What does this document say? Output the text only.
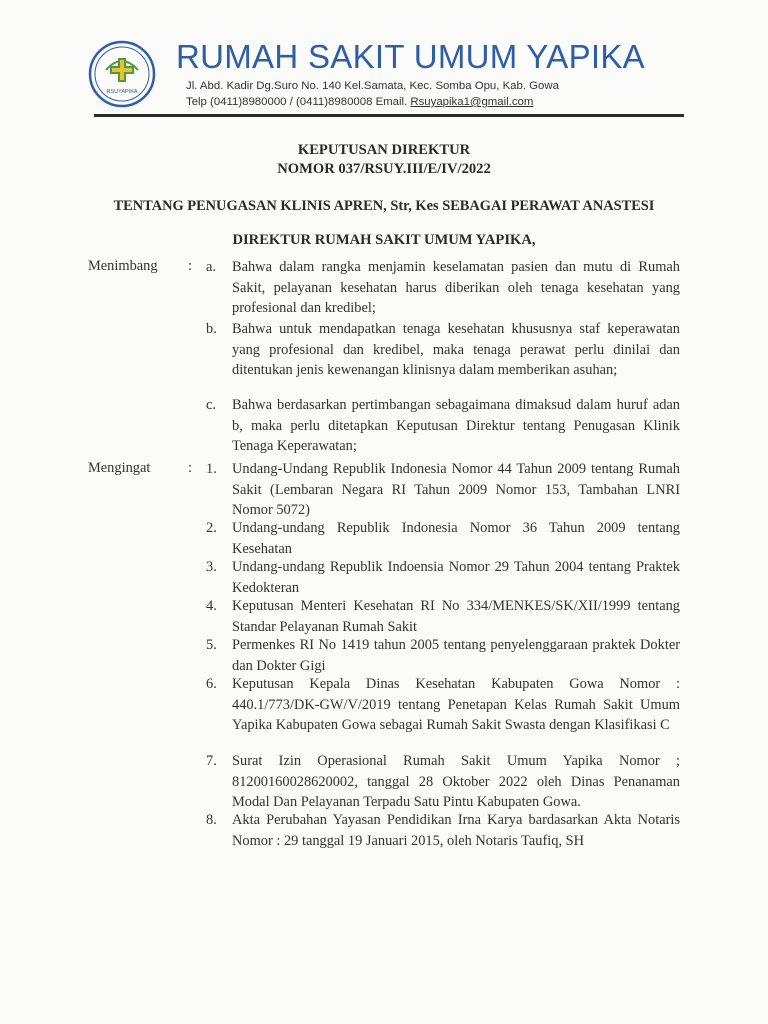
RSUYAPIKA
RUMAH SAKIT UMUM YAPIKA
Jl. Abd. Kadir Dg.Suro No. 140 Kel.Samata, Kec. Somba Opu, Kab. Gowa
Telp (0411)8980000 / (0411)8980008 Email. Rsuyapika1@gmail.com
KEPUTUSAN DIREKTUR
NOMOR 037/RSUY.III/E/IV/2022
TENTANG PENUGASAN KLINIS APREN, Str, Kes SEBAGAI PERAWAT ANASTESI
DIREKTUR RUMAH SAKIT UMUM YAPIKA,
Menimbang : a. Bahwa dalam rangka menjamin keselamatan pasien dan mutu di Rumah Sakit, pelayanan kesehatan harus diberikan oleh tenaga kesehatan yang profesional dan kredibel;
b. Bahwa untuk mendapatkan tenaga kesehatan khususnya staf keperawatan yang profesional dan kredibel, maka tenaga perawat perlu dinilai dan ditentukan jenis kewenangan klinisnya dalam memberikan asuhan;
c. Bahwa berdasarkan pertimbangan sebagaimana dimaksud dalam huruf adan b, maka perlu ditetapkan Keputusan Direktur tentang Penugasan Klinik Tenaga Keperawatan;
Mengingat	: 1. Undang-Undang Republik Indonesia Nomor 44 Tahun 2009 tentang Rumah Sakit (Lembaran Negara RI Tahun 2009 Nomor 153, Tambahan LNRI Nomor 5072)
2. Undang-undang Republik Indonesia Nomor 36 Tahun 2009 tentang Kesehatan
3. Undang-undang Republik Indoensia Nomor 29 Tahun 2004 tentang Praktek Kedokteran
4. Keputusan Menteri Kesehatan RI No 334/MENKES/SK/XII/1999 tentang Standar Pelayanan Rumah Sakit
5. Permenkes RI No 1419 tahun 2005 tentang penyelenggaraan praktek Dokter dan Dokter Gigi
6. Keputusan Kepala Dinas Kesehatan Kabupaten Gowa Nomor : 440.1/773/DK-GW/V/2019 tentang Penetapan Kelas Rumah Sakit Umum Yapika Kabupaten Gowa sebagai Rumah Sakit Swasta dengan Klasifikasi C
7. Surat Izin Operasional Rumah Sakit Umum Yapika Nomor ; 81200160028620002, tanggal 28 Oktober 2022 oleh Dinas Penanaman Modal Dan Pelayanan Terpadu Satu Pintu Kabupaten Gowa.
8. Akta Perubahan Yayasan Pendidikan Irna Karya bardasarkan Akta Notaris Nomor : 29 tanggal 19 Januari 2015, oleh Notaris Taufiq, SH
